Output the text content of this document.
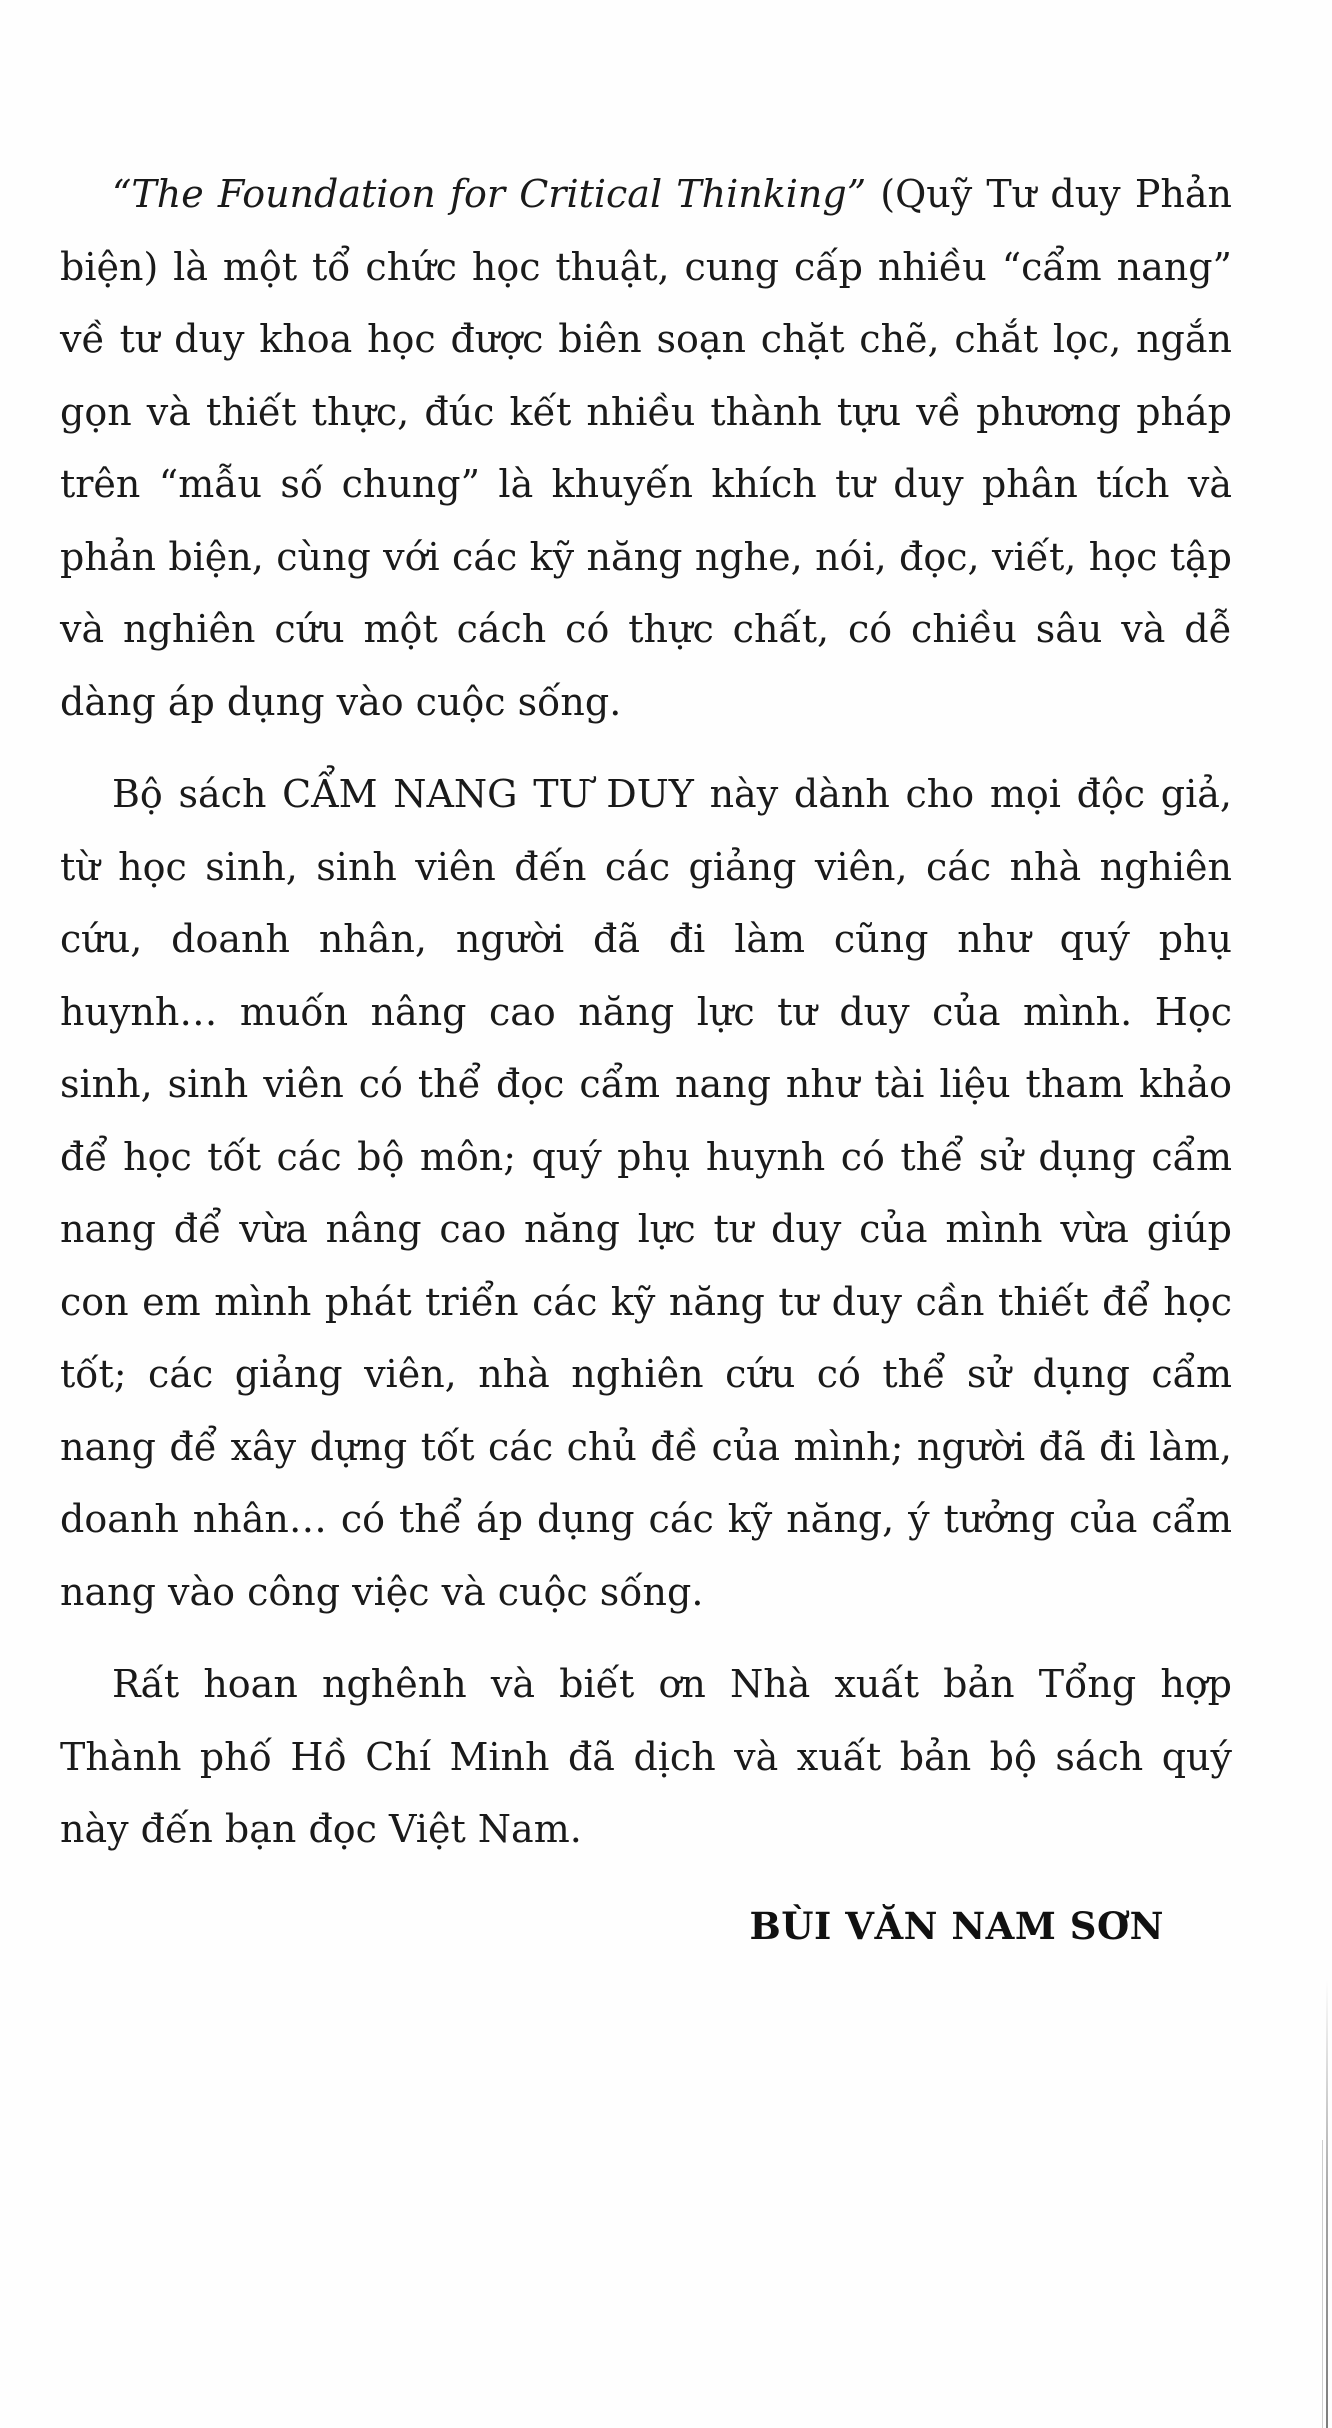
“The Foundation for Critical Thinking” (Quỹ Tư duy Phản biện) là một tổ chức học thuật, cung cấp nhiều “cẩm nang” về tư duy khoa học được biên soạn chặt chẽ, chắt lọc, ngắn gọn và thiết thực, đúc kết nhiều thành tựu về phương pháp trên “mẫu số chung” là khuyến khích tư duy phân tích và phản biện, cùng với các kỹ năng nghe, nói, đọc, viết, học tập và nghiên cứu một cách có thực chất, có chiều sâu và dễ dàng áp dụng vào cuộc sống.

Bộ sách CẨM NANG TƯ DUY này dành cho mọi độc giả, từ học sinh, sinh viên đến các giảng viên, các nhà nghiên cứu, doanh nhân, người đã đi làm cũng như quý phụ huynh… muốn nâng cao năng lực tư duy của mình. Học sinh, sinh viên có thể đọc cẩm nang như tài liệu tham khảo để học tốt các bộ môn; quý phụ huynh có thể sử dụng cẩm nang để vừa nâng cao năng lực tư duy của mình vừa giúp con em mình phát triển các kỹ năng tư duy cần thiết để học tốt; các giảng viên, nhà nghiên cứu có thể sử dụng cẩm nang để xây dựng tốt các chủ đề của mình; người đã đi làm, doanh nhân… có thể áp dụng các kỹ năng, ý tưởng của cẩm nang vào công việc và cuộc sống.

Rất hoan nghênh và biết ơn Nhà xuất bản Tổng hợp Thành phố Hồ Chí Minh đã dịch và xuất bản bộ sách quý này đến bạn đọc Việt Nam.

BÙI VĂN NAM SƠN
